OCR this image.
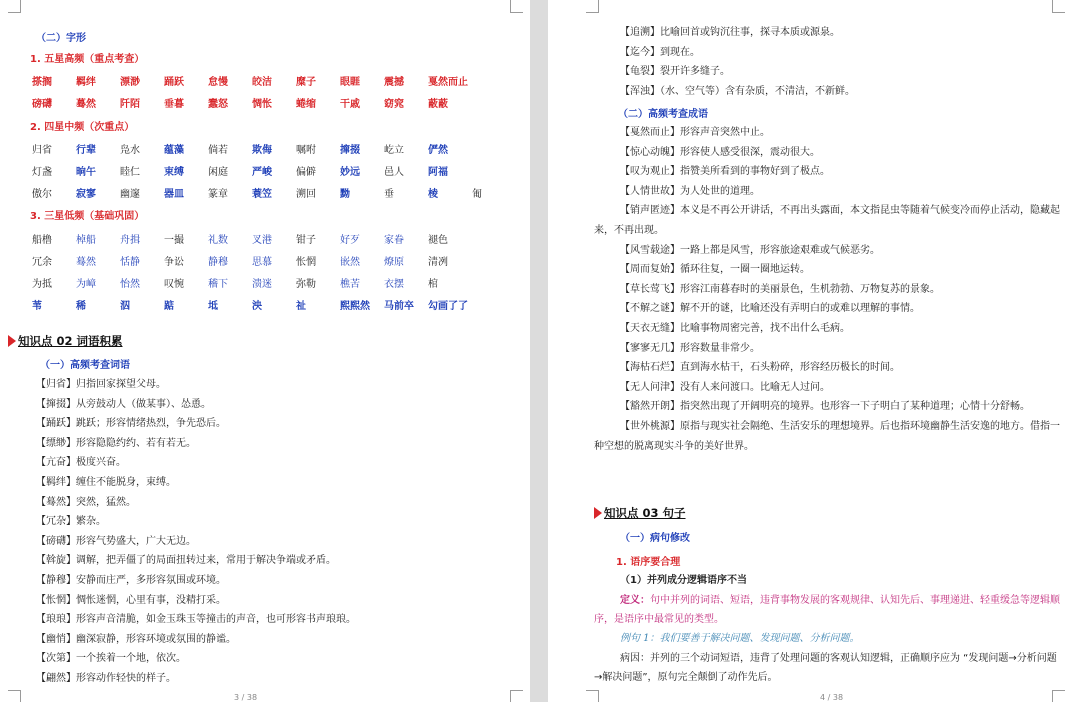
（二）字形
1. 五星高频（重点考查）
搽搁 羁绊 漂渺 踊跃 怠慢 皎洁 糜子 眼睚 震撼 戛然而止
磅礴 蓦然 阡陌 垂暮 蠢怒 惆怅 蜷缩 干戚 窈窕 蔽蔽
2. 四星中频（次重点）
归省 行辈 凫水 蕴藻 倘若 欺侮 嘱咐 撺掇 屹立 俨然
灯盏 晌午 睦仁 束缚 闲庭 严峻 偏僻 妙远 邑人 阿福
傲尔 寂寥 幽邃 器皿 篆章 蓑笠 溯回 黝	垂	棱	匍
3. 三星低频（基础巩固）
船橹 棹船 舟揖 一撮 礼数 叉港 钳子 好歹 家眷 褪色
冗余 蓦然 恬静 争讼 静穆 思慕 怅惘 嵌然 燎原 清冽
为抵 为嶂 怡然 叹惋 稽下 溃迷 弥勒 樵苦 衣摆 棺
苇	稀	泅	踮	坻	泱	祉	熙熙然 马前卒 勾画了了
知识点 02 词语积累
（一）高频考查词语
【归省】归指回家探望父母。
【撺掇】从旁鼓动人（做某事）、怂恿。
【踊跃】跳跃；形容情绪热烈，争先恐后。
【缥缈】形容隐隐约约、若有若无。
【亢奋】极度兴奋。
【羁绊】缠住不能脱身，束缚。
【蓦然】突然，猛然。
【冗杂】繁杂。
【磅礴】形容气势盛大，广大无边。
【斡旋】调解，把弄僵了的局面扭转过来，常用于解决争端或矛盾。
【静穆】安静而庄严，多形容氛围或环境。
【怅惘】惆怅迷惘，心里有事，没精打采。
【琅琅】形容声音清脆，如金玉珠玉等撞击的声音，也可形容书声琅琅。
【幽悄】幽深寂静，形容环境或氛围的静谧。
【次第】一个挨着一个地，依次。
【翩然】形容动作轻快的样子。
3 / 38
【追溯】比喻回首或钩沉往事，探寻本质或源泉。
【迄今】到现在。
【龟裂】裂开许多缝子。
【浑浊】（水、空气等）含有杂质，不清洁，不新鲜。
（二）高频考查成语
【戛然而止】形容声音突然中止。
【惊心动魄】形容使人感受很深，震动很大。
【叹为观止】指赞美所看到的事物好到了极点。
【人情世故】为人处世的道理。
【销声匿迹】本义是不再公开讲话，不再出头露面，本文指昆虫等随着气候变冷而停止活动，隐藏起
来，不再出现。
【风雪载途】一路上都是风雪，形容旅途艰难或气候恶劣。
【周而复始】循环往复，一圈一圈地运转。
【草长莺飞】形容江南暮春时的美丽景色，生机勃勃、万物复苏的景象。
【不解之谜】解不开的谜，比喻还没有弄明白的或难以理解的事情。
【天衣无缝】比喻事物周密完善，找不出什么毛病。
【寥寥无几】形容数量非常少。
【海枯石烂】直到海水枯干，石头粉碎，形容经历极长的时间。
【无人问津】没有人来问渡口。比喻无人过问。
【豁然开朗】指突然出现了开阔明亮的境界。也形容一下子明白了某种道理；心情十分舒畅。
【世外桃源】原指与现实社会隔绝、生活安乐的理想境界。后也指环境幽静生活安逸的地方。借指一
种空想的脱离现实斗争的美好世界。
知识点 03 句子
（一）病句修改
1. 语序要合理
（1）并列成分逻辑语序不当
定义：句中并列的词语、短语，违背事物发展的客观规律、认知先后、事理递进、轻重缓急等逻辑顺
序，是语序中最常见的类型。
例句 1：我们要善于解决问题、发现问题、分析问题。
病因：并列的三个动词短语，违背了处理问题的客观认知逻辑，正确顺序应为 “发现问题→分析问题
→解决问题”，原句完全颠倒了动作先后。
4 / 38
